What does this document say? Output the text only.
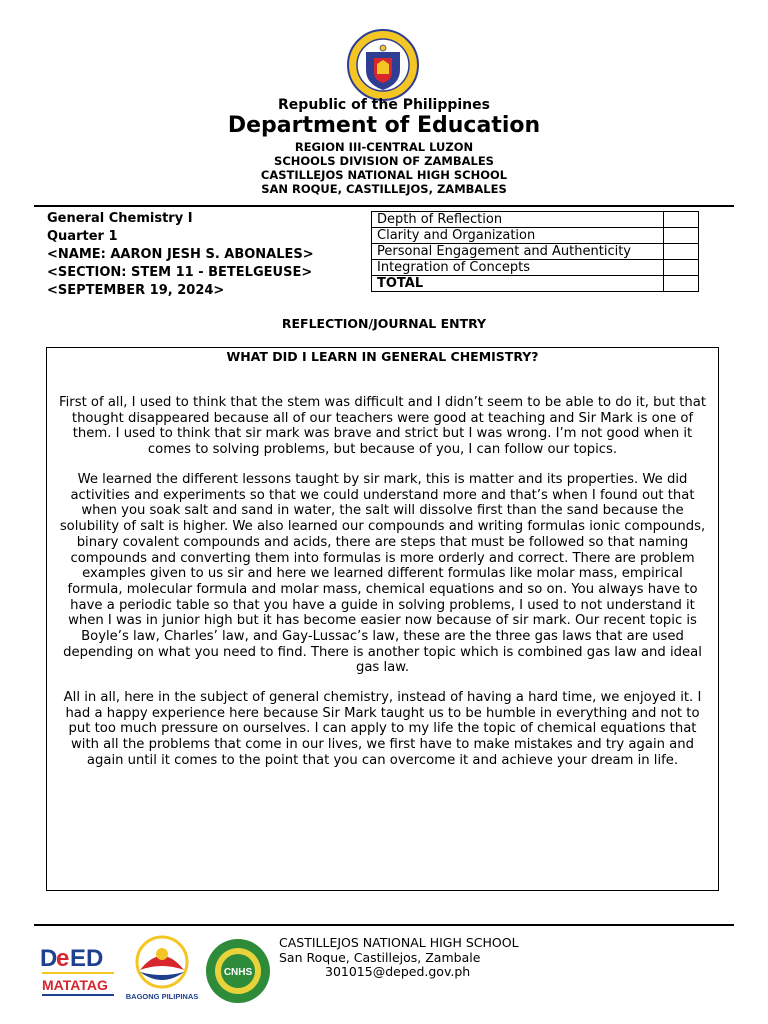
Republic of the Philippines
Department of Education
REGION III-CENTRAL LUZON
SCHOOLS DIVISION OF ZAMBALES
CASTILLEJOS NATIONAL HIGH SCHOOL
SAN ROQUE, CASTILLEJOS, ZAMBALES
General Chemistry I
Quarter 1
<NAME: AARON JESH S. ABONALES>
<SECTION: STEM 11 - BETELGEUSE>
<SEPTEMBER 19, 2024>
Depth of Reflection	
Clarity and Organization	
Personal Engagement and Authenticity	
Integration of Concepts	
TOTAL	
REFLECTION/JOURNAL ENTRY
WHAT DID I LEARN IN GENERAL CHEMISTRY?

First of all, I used to think that the stem was difficult and I didn’t seem to be able to do it, but that thought disappeared because all of our teachers were good at teaching and Sir Mark is one of them. I used to think that sir mark was brave and strict but I was wrong. I’m not good when it comes to solving problems, but because of you, I can follow our topics.

We learned the different lessons taught by sir mark, this is matter and its properties. We did activities and experiments so that we could understand more and that’s when I found out that when you soak salt and sand in water, the salt will dissolve first than the sand because the solubility of salt is higher. We also learned our compounds and writing formulas ionic compounds, binary covalent compounds and acids, there are steps that must be followed so that naming compounds and converting them into formulas is more orderly and correct. There are problem examples given to us sir and here we learned different formulas like molar mass, empirical formula, molecular formula and molar mass, chemical equations and so on. You always have to have a periodic table so that you have a guide in solving problems, I used to not understand it when I was in junior high but it has become easier now because of sir mark. Our recent topic is Boyle’s law, Charles’ law, and Gay-Lussac’s law, these are the three gas laws that are used depending on what you need to find. There is another topic which is combined gas law and ideal gas law.

All in all, here in the subject of general chemistry, instead of having a hard time, we enjoyed it. I had a happy experience here because Sir Mark taught us to be humble in everything and not to put too much pressure on ourselves. I can apply to my life the topic of chemical equations that with all the problems that come in our lives, we first have to make mistakes and try again and again until it comes to the point that you can overcome it and achieve your dream in life.

D
e ED
MATATAG
BAGONG PILIPINAS
CNHS
CASTILLEJOS NATIONAL HIGH SCHOOL
San Roque, Castillejos, Zambale
301015@deped.gov.ph
